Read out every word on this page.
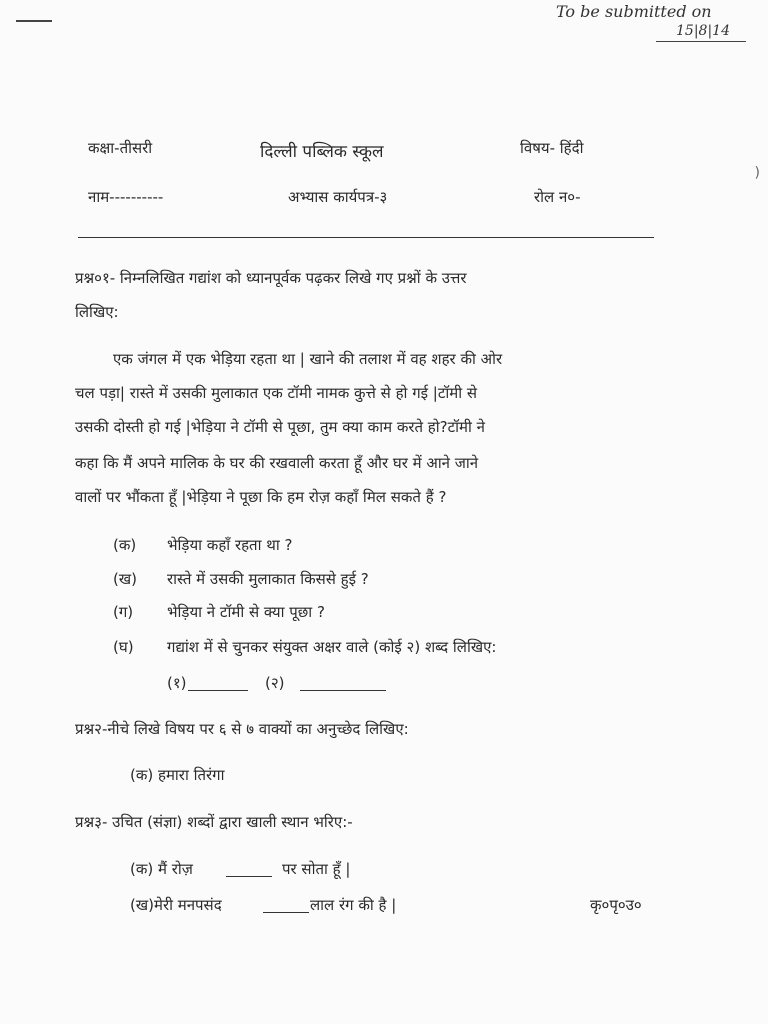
To be submitted on
15|8|14
)
कक्षा-तीसरी	दिल्ली पब्लिक स्कूल	विषय- हिंदी
नाम----------	अभ्यास कार्यपत्र-३	रोल न०-
प्रश्न०१- निम्नलिखित गद्यांश को ध्यानपूर्वक पढ़कर लिखे गए प्रश्नों के उत्तर
लिखिए:
एक जंगल में एक भेड़िया रहता था | खाने की तलाश में वह शहर की ओर
चल पड़ा| रास्ते में उसकी मुलाकात एक टॉमी नामक कुत्ते से हो गई |टॉमी से
उसकी दोस्ती हो गई |भेड़िया ने टॉमी से पूछा, तुम क्या काम करते हो?टॉमी ने
कहा कि मैं अपने मालिक के घर की रखवाली करता हूँ और घर में आने जाने
वालों पर भौंकता हूँ |भेड़िया ने पूछा कि हम रोज़ कहाँ मिल सकते हैं ?
(क) भेड़िया कहाँ रहता था ?
(ख) रास्ते में उसकी मुलाकात किससे हुई ?
(ग) भेड़िया ने टॉमी से क्या पूछा ?
(घ) गद्यांश में से चुनकर संयुक्त अक्षर वाले (कोई २) शब्द लिखिए:
(१)	(२)
प्रश्न२-नीचे लिखे विषय पर ६ से ७ वाक्यों का अनुच्छेद लिखिए:
(क) हमारा तिरंगा
प्रश्न३- उचित (संज्ञा) शब्दों द्वारा खाली स्थान भरिए:-
(क) मैं रोज़	पर सोता हूँ |
(ख)मेरी मनपसंद	लाल रंग की है |	कृ०पृ०उ०
